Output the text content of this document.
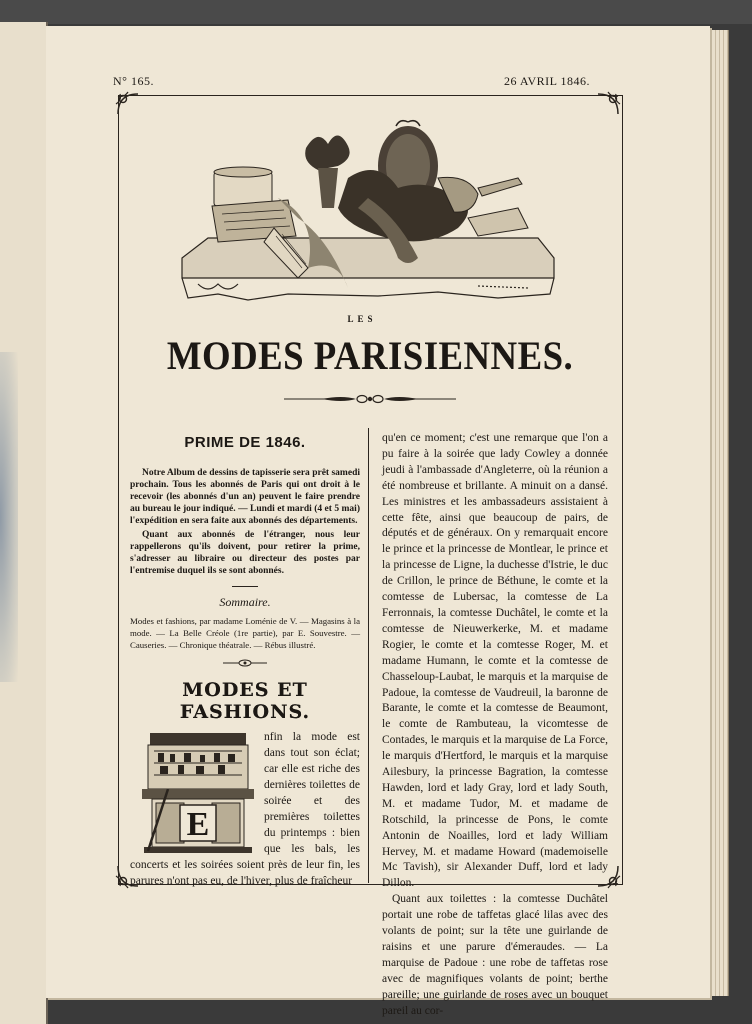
N° 165.	26 AVRIL 1846.
LES
MODES PARISIENNES.
PRIME DE 1846.

Notre Album de dessins de tapisserie sera prêt samedi prochain. Tous les abonnés de Paris qui ont droit à le recevoir (les abonnés d'un an) peuvent le faire prendre au bureau le jour indiqué. — Lundi et mardi (4 et 5 mai) l'expédition en sera faite aux abonnés des départements.

Quant aux abonnés de l'étranger, nous leur rappellerons qu'ils doivent, pour retirer la prime, s'adresser au libraire ou directeur des postes par l'entremise duquel ils se sont abonnés.

Sommaire.

Modes et fashions, par madame Loménie de V. — Magasins à la mode. — La Belle Créole (1re partie), par E. Souvestre. — Causeries. — Chronique théatrale. — Rébus illustré.

MODES ET FASHIONS.
E

nfin la mode est dans tout son éclat; car elle est riche des dernières toilettes de soirée et des premières toilettes du printemps : bien que les bals, les concerts et les soirées soient près de leur fin, les parures n'ont pas eu, de l'hiver, plus de fraîcheur

qu'en ce moment; c'est une remarque que l'on a pu faire à la soirée que lady Cowley a donnée jeudi à l'ambassade d'Angleterre, où la réunion a été nombreuse et brillante. A minuit on a dansé. Les ministres et les ambassadeurs assistaient à cette fête, ainsi que beaucoup de pairs, de députés et de généraux. On y remarquait encore le prince et la princesse de Montlear, le prince et la princesse de Ligne, la duchesse d'Istrie, le duc de Crillon, le prince de Béthune, le comte et la comtesse de Lubersac, la comtesse de La Ferronnais, la comtesse Duchâtel, le comte et la comtesse de Nieuwerkerke, M. et madame Rogier, le comte et la comtesse Roger, M. et madame Humann, le comte et la comtesse de Chasseloup-Laubat, le marquis et la marquise de Padoue, la comtesse de Vaudreuil, la baronne de Barante, le comte et la comtesse de Beaumont, le comte de Rambuteau, la vicomtesse de Contades, le marquis et la marquise de La Force, le marquis d'Hertford, le marquis et la marquise Ailesbury, la princesse Bagration, la comtesse Hawden, lord et lady Gray, lord et lady South, M. et madame Tudor, M. et madame de Rotschild, la princesse de Pons, le comte Antonin de Noailles, lord et lady William Hervey, M. et madame Howard (mademoiselle Mc Tavish), sir Alexander Duff, lord et lady Dillon.

Quant aux toilettes : la comtesse Duchâtel portait une robe de taffetas glacé lilas avec des volants de point; sur la tête une guirlande de raisins et une parure d'émeraudes. — La marquise de Padoue : une robe de taffetas rose avec de magnifiques volants de point; berthe pareille; une guirlande de roses avec un bouquet pareil au cor-
